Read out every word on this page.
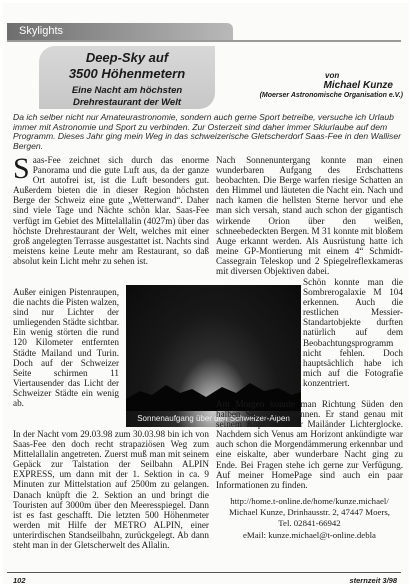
Skylights
Deep-Sky auf
3500 Höhenmetern
Eine Nacht am höchsten
Drehrestaurant der Welt
von
Michael Kunze
(Moerser Astronomische Organisation e.V.)

Da ich selber nicht nur Amateurastronomie, sondern auch gerne Sport betreibe, versuche ich Urlaub immer mit Astronomie und Sport zu verbinden. Zur Osterzeit sind daher immer Skiurlaube auf dem Programm. Dieses Jahr ging mein Weg in das schweizerische Gletscherdorf Saas-Fee in den Walliser Bergen.

Saas-Fee zeichnet sich durch das enorme Panorama und die gute Luft aus, da der ganze Ort autofrei ist, ist die Luft besonders gut. Außerdem bieten die in dieser Region höchsten Berge der Schweiz eine gute „Wetterwand“. Daher sind viele Tage und Nächte schön klar. Saas-Fee verfügt im Gebiet des Mittelallalin (4027m) über das höchste Drehrestaurant der Welt, welches mit einer groß angelegten Terrasse ausgestattet ist. Nachts sind meistens keine Leute mehr am Restaurant, so daß absolut kein Licht mehr zu sehen ist.

Außer einigen Pistenraupen, die nachts die Pisten walzen, sind nur Lichter der umliegenden Städte sichtbar. Ein wenig störten die rund 120 Kilometer entfernten Städte Mailand und Turin. Doch auf der Schweizer Seite schirmen 11 Viertausender das Licht der Schweizer Städte ein wenig ab.

Sonnenaufgang über den Schweizer-Alpen

In der Nacht vom 29.03.98 zum 30.03.98 bin ich von Saas-Fee den doch recht strapaziösen Weg zum Mittelallalin angetreten. Zuerst muß man mit seinem Gepäck zur Talstation der Seilbahn ALPIN EXPRESS, um dann mit der 1. Sektion in ca. 9 Minuten zur Mittelstation auf 2500m zu gelangen. Danach knüpft die 2. Sektion an und bringt die Touristen auf 3000m über den Meeresspiegel. Dann ist es fast geschafft. Die letzten 500 Höhenmeter werden mit Hilfe der METRO ALPIN, einer unterirdischen Standseilbahn, zurückgelegt. Ab dann steht man in der Gletscherwelt des Allalin.

Nach Sonnenuntergang konnte man einen wunderbaren Aufgang des Erdschattens beobachten. Die Berge warfen riesige Schatten an den Himmel und läuteten die Nacht ein. Nach und nach kamen die hellsten Sterne hervor und ehe man sich versah, stand auch schon der gigantisch wirkende Orion über den weißen, schneebedeckten Bergen. M 31 konnte mit bloßem Auge erkannt werden. Als Ausrüstung hatte ich meine GP-Montierung mit einem 4“ Schmidt-Cassegrain Teleskop und 2 Spiegelreflexkameras mit diversen Objektiven dabei.

Schön konnte man die Sombrerogalaxie M 104 erkennen. Auch die restlichen Messier-Standartobjekte durften natürlich auf dem Beobachtungsprogramm nicht fehlen. Doch hauptsächlich habe ich mich auf die Fotografie konzentriert.

Am Morgen konnte man Richtung Süden den halben Skorpion erkennen. Er stand genau mit seinem Kopf über der Mailänder Lichterglocke. Nachdem sich Venus am Horizont ankündigte war auch schon die Morgendämmerung erkennbar und eine eiskalte, aber wunderbare Nacht ging zu Ende. Bei Fragen stehe ich gerne zur Verfügung. Auf meiner HomePage sind auch ein paar Informationen zu finden.

http://home.t-online.de/home/kunze.michael/

Michael Kunze, Drinhausstr. 2, 47447 Moers,

Tel. 02841-66942

eMail: kunze.michael@t-online.debla

102	sternzeit 3/98
